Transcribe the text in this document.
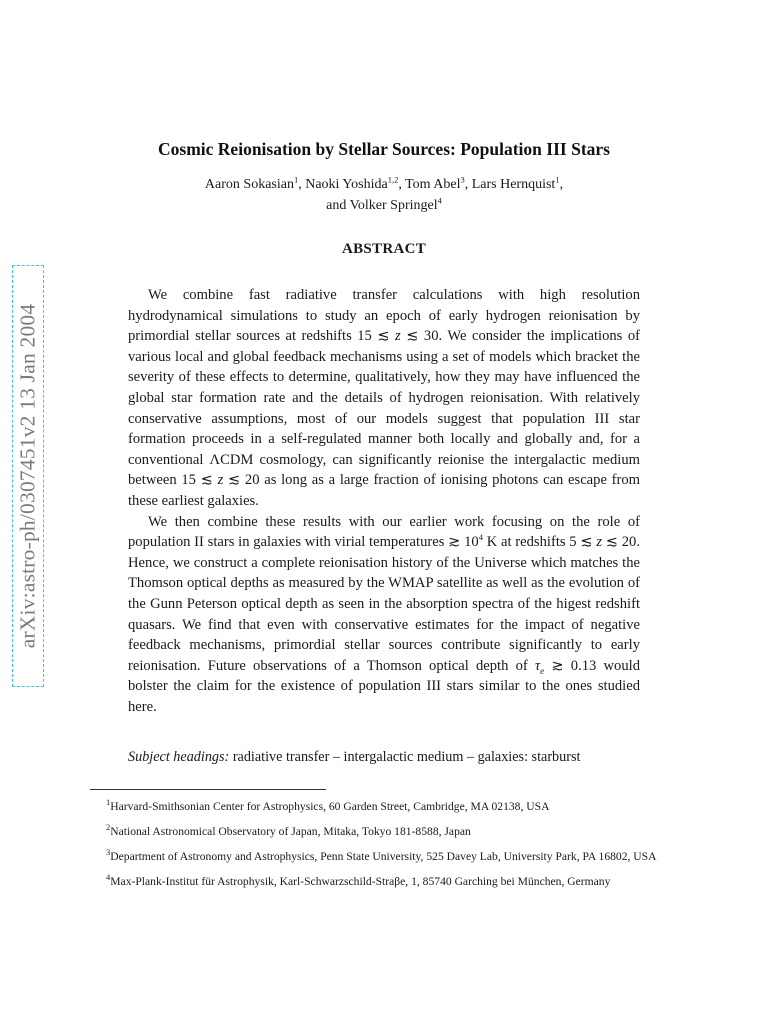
arXiv:astro-ph/0307451v2 13 Jan 2004
Cosmic Reionisation by Stellar Sources: Population III Stars
Aaron Sokasian$^1$, Naoki Yoshida$^{1,2}$, Tom Abel$^3$, Lars Hernquist$^1$,
and Volker Springel$^4$
ABSTRACT

We combine fast radiative transfer calculations with high resolution hydrodynamical simulations to study an epoch of early hydrogen reionisation by primordial stellar sources at redshifts 15 ≲ z ≲ 30. We consider the implications of various local and global feedback mechanisms using a set of models which bracket the severity of these effects to determine, qualitatively, how they may have influenced the global star formation rate and the details of hydrogen reionisation. With relatively conservative assumptions, most of our models suggest that population III star formation proceeds in a self-regulated manner both locally and globally and, for a conventional ΛCDM cosmology, can significantly reionise the intergalactic medium between 15 ≲ z ≲ 20 as long as a large fraction of ionising photons can escape from these earliest galaxies.

We then combine these results with our earlier work focusing on the role of population II stars in galaxies with virial temperatures ≳ $10^4$ K at redshifts 5 ≲ z ≲ 20. Hence, we construct a complete reionisation history of the Universe which matches the Thomson optical depths as measured by the WMAP satellite as well as the evolution of the Gunn Peterson optical depth as seen in the absorption spectra of the higest redshift quasars. We find that even with conservative estimates for the impact of negative feedback mechanisms, primordial stellar sources contribute significantly to early reionisation. Future observations of a Thomson optical depth of $\tau_e$ ≳ 0.13 would bolster the claim for the existence of population III stars similar to the ones studied here.

Subject headings: radiative transfer – intergalactic medium – galaxies: starburst

$^1$Harvard-Smithsonian Center for Astrophysics, 60 Garden Street, Cambridge, MA 02138, USA

$^2$National Astronomical Observatory of Japan, Mitaka, Tokyo 181-8588, Japan

$^3$Department of Astronomy and Astrophysics, Penn State University, 525 Davey Lab, University Park, PA 16802, USA

$^4$Max-Plank-Institut für Astrophysik, Karl-Schwarzschild-Straβe, 1, 85740 Garching bei München, Germany
